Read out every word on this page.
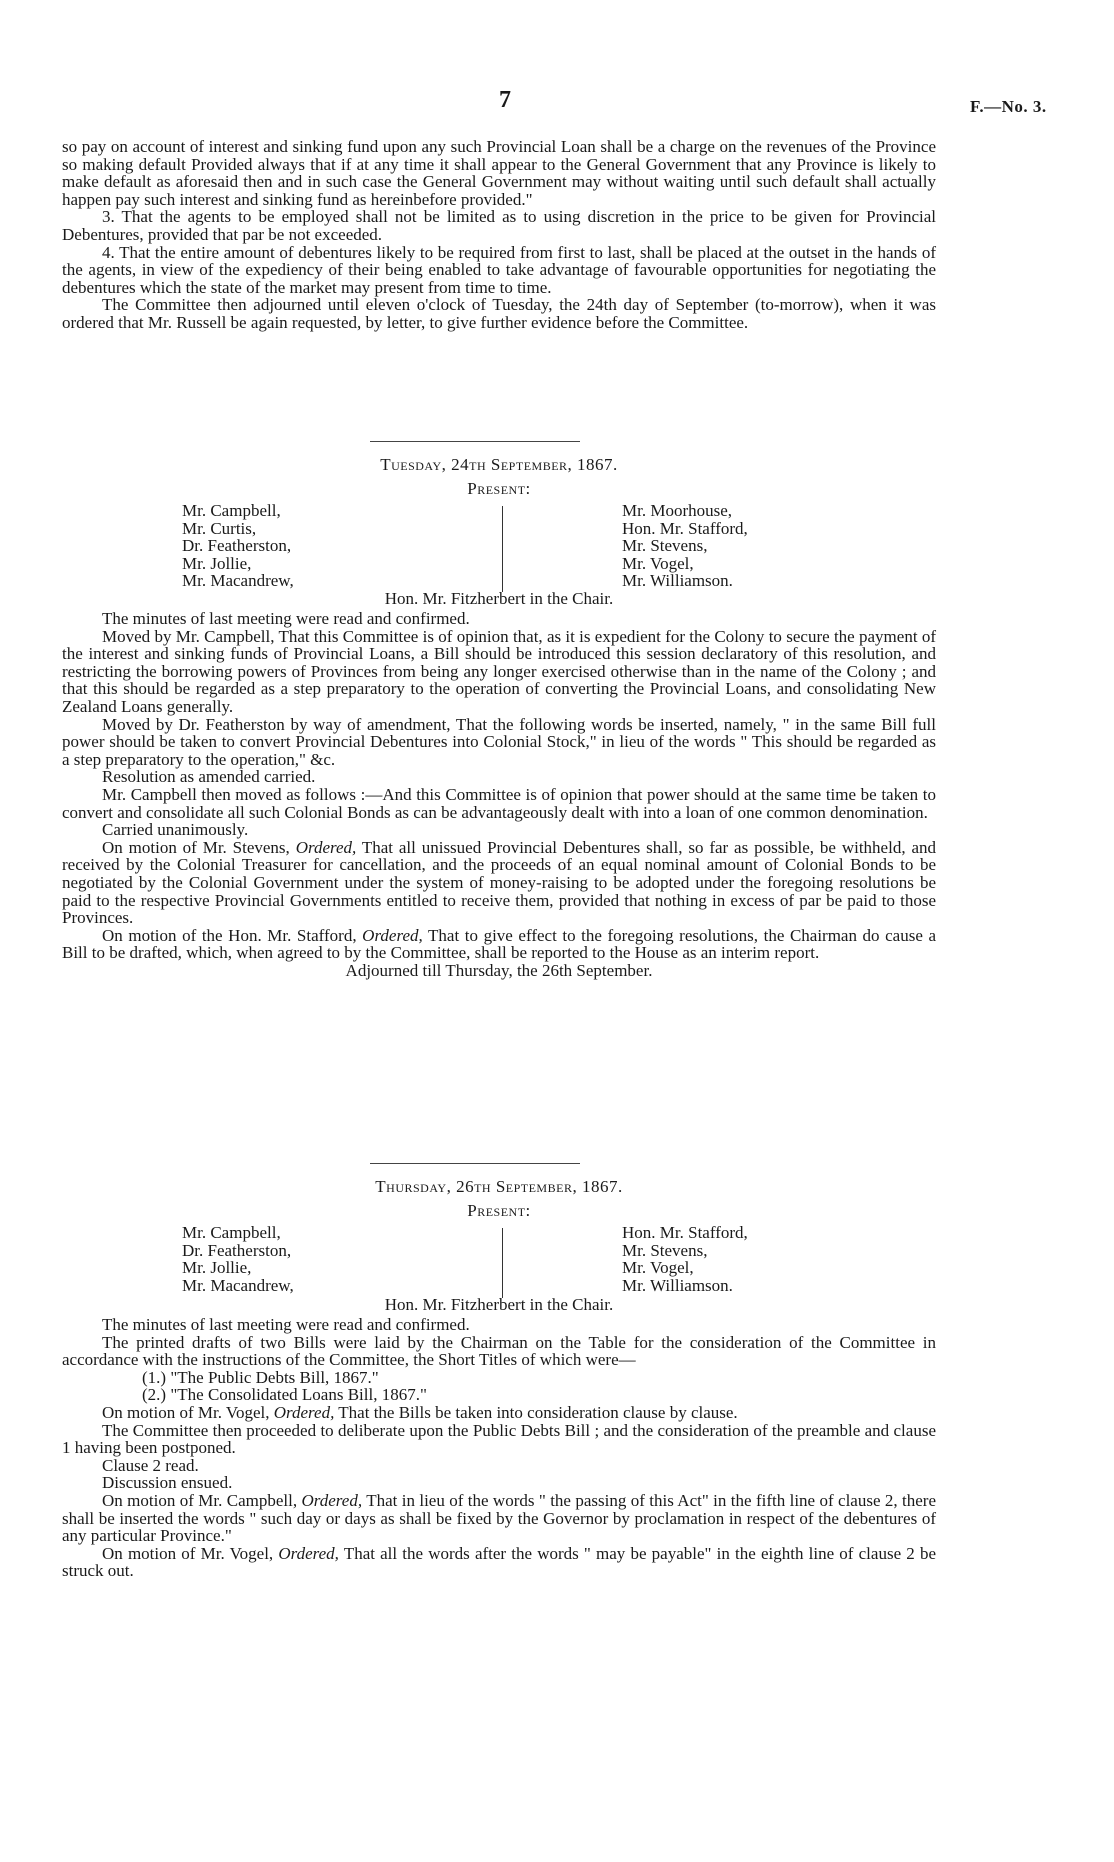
7	F.—No. 3.

so pay on account of interest and sinking fund upon any such Provincial Loan shall be a charge on the revenues of the Province so making default Provided always that if at any time it shall appear to the General Government that any Province is likely to make default as aforesaid then and in such case the General Government may without waiting until such default shall actually happen pay such interest and sinking fund as hereinbefore provided."

3. That the agents to be employed shall not be limited as to using discretion in the price to be given for Provincial Debentures, provided that par be not exceeded.

4. That the entire amount of debentures likely to be required from first to last, shall be placed at the outset in the hands of the agents, in view of the expediency of their being enabled to take advantage of favourable opportunities for negotiating the debentures which the state of the market may present from time to time.

The Committee then adjourned until eleven o'clock of Tuesday, the 24th day of September (to-morrow), when it was ordered that Mr. Russell be again requested, by letter, to give further evidence before the Committee.

Tuesday, 24th September, 1867.
Present:
Mr. Campbell,
Mr. Curtis,
Dr. Featherston,
Mr. Jollie,
Mr. Macandrew,
Mr. Moorhouse,
Hon. Mr. Stafford,
Mr. Stevens,
Mr. Vogel,
Mr. Williamson.
Hon. Mr. Fitzherbert in the Chair.

The minutes of last meeting were read and confirmed.

Moved by Mr. Campbell, That this Committee is of opinion that, as it is expedient for the Colony to secure the payment of the interest and sinking funds of Provincial Loans, a Bill should be introduced this session declaratory of this resolution, and restricting the borrowing powers of Provinces from being any longer exercised otherwise than in the name of the Colony ; and that this should be regarded as a step preparatory to the operation of converting the Provincial Loans, and consolidating New Zealand Loans generally.

Moved by Dr. Featherston by way of amendment, That the following words be inserted, namely, " in the same Bill full power should be taken to convert Provincial Debentures into Colonial Stock," in lieu of the words " This should be regarded as a step preparatory to the operation," &c.

Resolution as amended carried.

Mr. Campbell then moved as follows :—And this Committee is of opinion that power should at the same time be taken to convert and consolidate all such Colonial Bonds as can be advantageously dealt with into a loan of one common denomination.

Carried unanimously.

On motion of Mr. Stevens, Ordered, That all unissued Provincial Debentures shall, so far as possible, be withheld, and received by the Colonial Treasurer for cancellation, and the proceeds of an equal nominal amount of Colonial Bonds to be negotiated by the Colonial Government under the system of money-raising to be adopted under the foregoing resolutions be paid to the respective Provincial Governments entitled to receive them, provided that nothing in excess of par be paid to those Provinces.

On motion of the Hon. Mr. Stafford, Ordered, That to give effect to the foregoing resolutions, the Chairman do cause a Bill to be drafted, which, when agreed to by the Committee, shall be reported to the House as an interim report.

Adjourned till Thursday, the 26th September.

Thursday, 26th September, 1867.
Present:
Mr. Campbell,
Dr. Featherston,
Mr. Jollie,
Mr. Macandrew,
Hon. Mr. Stafford,
Mr. Stevens,
Mr. Vogel,
Mr. Williamson.
Hon. Mr. Fitzherbert in the Chair.

The minutes of last meeting were read and confirmed.

The printed drafts of two Bills were laid by the Chairman on the Table for the consideration of the Committee in accordance with the instructions of the Committee, the Short Titles of which were—

(1.) "The Public Debts Bill, 1867."

(2.) "The Consolidated Loans Bill, 1867."

On motion of Mr. Vogel, Ordered, That the Bills be taken into consideration clause by clause.

The Committee then proceeded to deliberate upon the Public Debts Bill ; and the consideration of the preamble and clause 1 having been postponed.

Clause 2 read.

Discussion ensued.

On motion of Mr. Campbell, Ordered, That in lieu of the words " the passing of this Act" in the fifth line of clause 2, there shall be inserted the words " such day or days as shall be fixed by the Governor by proclamation in respect of the debentures of any particular Province."

On motion of Mr. Vogel, Ordered, That all the words after the words " may be payable" in the eighth line of clause 2 be struck out.
